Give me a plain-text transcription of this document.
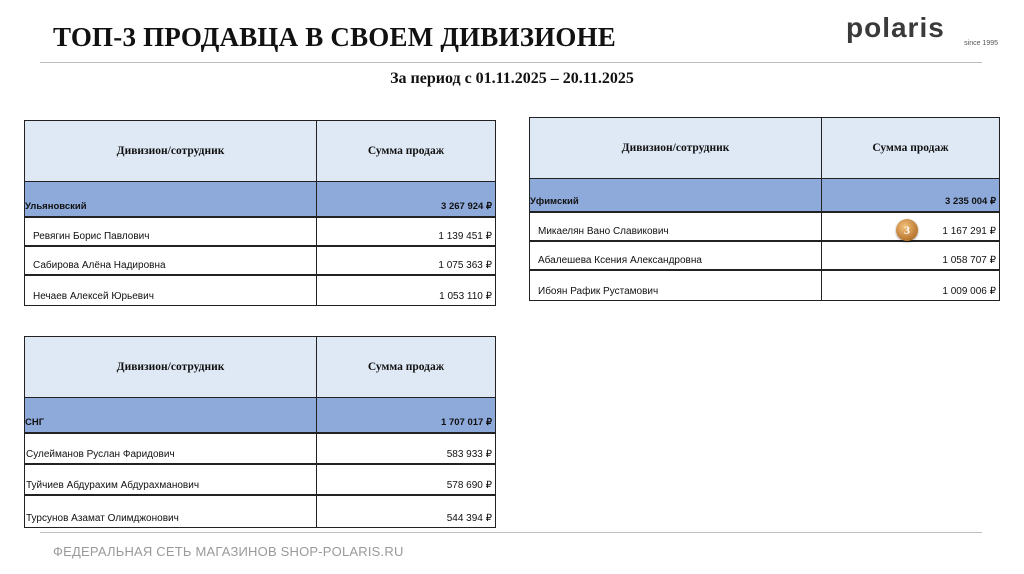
ТОП-3 ПРОДАВЦА В СВОЕМ ДИВИЗИОНЕ	polaris
since 1995
За период с 01.11.2025 – 20.11.2025
Дивизион/сотрудник	Сумма продаж
Ульяновский	3 267 924 ₽
Ревягин Борис Павлович	1 139 451 ₽
Сабирова Алёна Надировна	1 075 363 ₽
Нечаев Алексей Юрьевич	1 053 110 ₽
Дивизион/сотрудник	Сумма продаж
Уфимский	3 235 004 ₽
Микаелян Вано Славикович	1 167 291 ₽
Абалешева Ксения Александровна	1 058 707 ₽
Ибоян Рафик Рустамович	1 009 006 ₽
3
Дивизион/сотрудник	Сумма продаж
СНГ	1 707 017 ₽
Сулейманов Руслан Фаридович	583 933 ₽
Туйчиев Абдурахим Абдурахманович	578 690 ₽
Турсунов Азамат Олимджонович	544 394 ₽
ФЕДЕРАЛЬНАЯ СЕТЬ МАГАЗИНОВ SHOP-POLARIS.RU
